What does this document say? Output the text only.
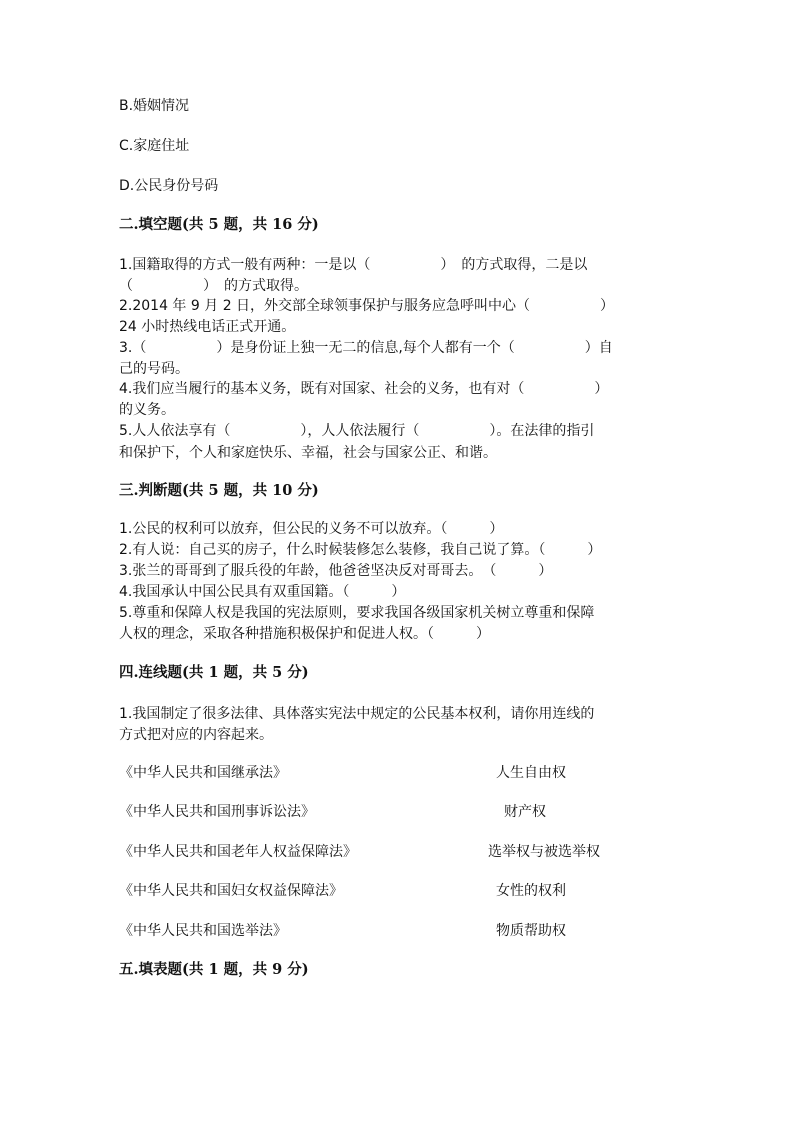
B.婚姻情况
C.家庭住址
D.公民身份号码
二.填空题(共 5 题，共 16 分)
1.国籍取得的方式一般有两种：一是以（　　　　　）　的方式取得，二是以
（　　　　　）　的方式取得。
2.2014 年 9 月 2 日，外交部全球领事保护与服务应急呼叫中心（　　　　　）
24 小时热线电话正式开通。
3.（　　　　　）是身份证上独一无二的信息,每个人都有一个（　　　　　）自
己的号码。
4.我们应当履行的基本义务，既有对国家、社会的义务，也有对（　　　　　）
的义务。
5.人人依法享有（　　　　　），人人依法履行（　　　　　）。在法律的指引
和保护下，个人和家庭快乐、幸福，社会与国家公正、和谐。
三.判断题(共 5 题，共 10 分)
1.公民的权利可以放弃，但公民的义务不可以放弃。（　　　）
2.有人说：自己买的房子，什么时候装修怎么装修，我自己说了算。（　　　）
3.张兰的哥哥到了服兵役的年龄，他爸爸坚决反对哥哥去。　（　　　）
4.我国承认中国公民具有双重国籍。（　　　）
5.尊重和保障人权是我国的宪法原则，要求我国各级国家机关树立尊重和保障
人权的理念，采取各种措施积极保护和促进人权。（　　　）
四.连线题(共 1 题，共 5 分)
1.我国制定了很多法律、具体落实宪法中规定的公民基本权利，请你用连线的
方式把对应的内容起来。
《中华人民共和国继承法》	人生自由权
《中华人民共和国刑事诉讼法》	财产权
《中华人民共和国老年人权益保障法》	选举权与被选举权
《中华人民共和国妇女权益保障法》	女性的权利
《中华人民共和国选举法》	物质帮助权
五.填表题(共 1 题，共 9 分)
